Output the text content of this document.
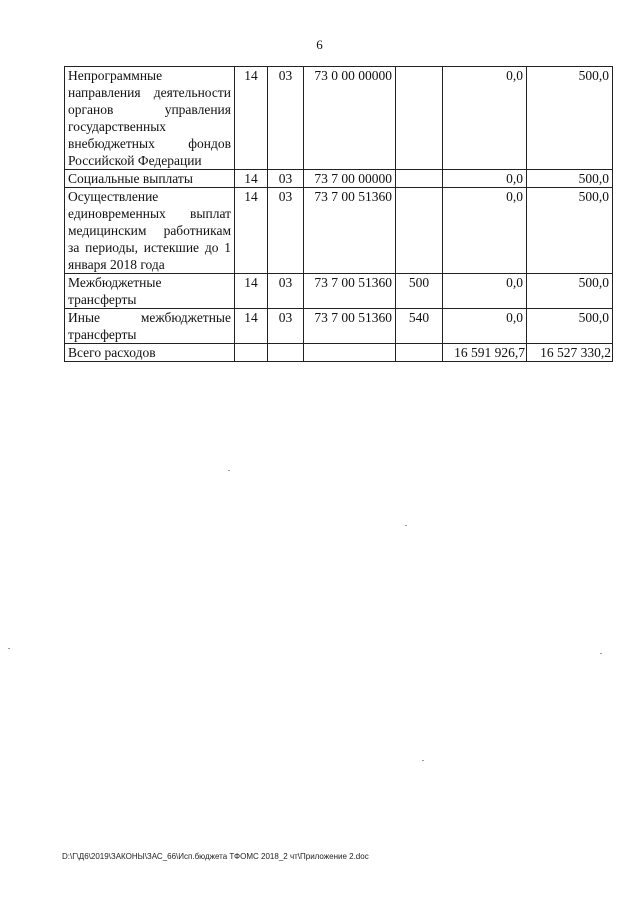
6
Непрограммные направления деятельности органов управления государственных внебюджетных фондов Российской Федерации	14	03	73 0 00 00000		0,0	500,0
Социальные выплаты	14	03	73 7 00 00000		0,0	500,0
Осуществление единовременных выплат медицинским работникам за периоды, истекшие до 1 января 2018 года	14	03	73 7 00 51360		0,0	500,0
Межбюджетные трансферты	14	03	73 7 00 51360	500	0,0	500,0
Иные межбюджетные трансферты	14	03	73 7 00 51360	540	0,0	500,0
Всего расходов					16 591 926,7	16 527 330,2
D:\Г\Д6\2019\ЗАКОНЫ\ЗАС_66\Исп.бюджета ТФОМС 2018_2 чт\Приложение 2.doc
